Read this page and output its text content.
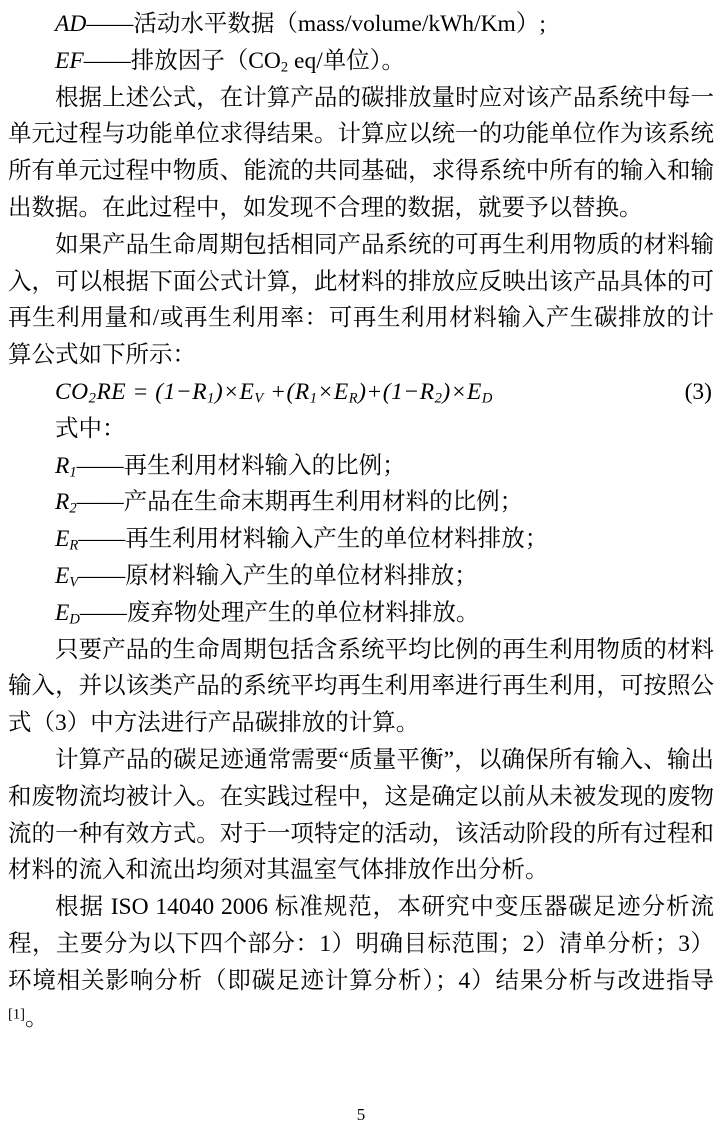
AD——活动水平数据（mass/volume/kWh/Km）;
EF——排放因子（$CO_2$ eq/单位）。

根据上述公式，在计算产品的碳排放量时应对该产品系统中每一单元过程与功能单位求得结果。计算应以统一的功能单位作为该系统所有单元过程中物质、能流的共同基础，求得系统中所有的输入和输出数据。在此过程中，如发现不合理的数据，就要予以替换。

如果产品生命周期包括相同产品系统的可再生利用物质的材料输入，可以根据下面公式计算，此材料的排放应反映出该产品具体的可再生利用量和/或再生利用率：可再生利用材料输入产生碳排放的计算公式如下所示：

$CO_2RE = (1-R_1)\times E_V +(R_1\times E_R)+(1-R_2)\times E_D$	(3)
式中：
$R_1——$再生利用材料输入的比例；
$R_2——$产品在生命末期再生利用材料的比例；
$E_R——$再生利用材料输入产生的单位材料排放；
$E_V——$原材料输入产生的单位材料排放；
$E_D——$废弃物处理产生的单位材料排放。

只要产品的生命周期包括含系统平均比例的再生利用物质的材料输入，并以该类产品的系统平均再生利用率进行再生利用，可按照公式（3）中方法进行产品碳排放的计算。

计算产品的碳足迹通常需要“质量平衡”，以确保所有输入、输出和废物流均被计入。在实践过程中，这是确定以前从未被发现的废物流的一种有效方式。对于一项特定的活动，该活动阶段的所有过程和材料的流入和流出均须对其温室气体排放作出分析。

根据 ISO 14040 2006 标准规范，本研究中变压器碳足迹分析流程，主要分为以下四个部分：1）明确目标范围；2）清单分析；3）环境相关影响分析（即碳足迹计算分析）；4）结果分析与改进指导[1]。

5
